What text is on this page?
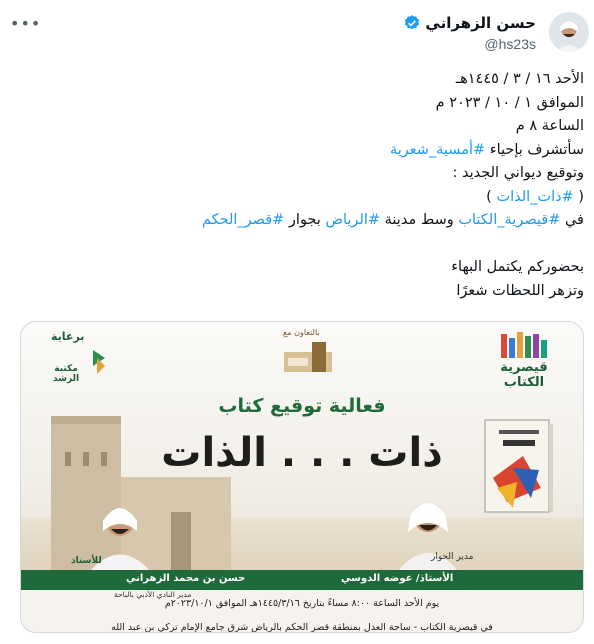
حسن الزهراني
@hs23s
•••
الأحد ١٦ / ٣ / ١٤٤٥هـ
الموافق ١ / ١٠ / ٢٠٢٣ م
الساعة ٨ م
سأتشرف بإحياء #أمسية_شعرية
وتوقيع ديواني الجديد :
( #ذات_الذات )
في #قيصرية_الكتاب وسط مدينة #الرياض بجوار #قصر_الحكم
بحضوركم يكتمل البهاء
وتزهر اللحظات شعرًا
برعاية
مكتبة الرشد
بالتعاون مع
قيصرية الكتاب
فعالية توقيع كتاب
ذات . . . الذات
للأستاذ	مدير الحوار
حسن بن محمد الزهراني	الأستاذ/ عوضه الدوسي
مدير النادي الأدبي بالباحة
يوم الأحد الساعة ٨:٠٠ مساءً بتاريخ ١٤٤٥/٣/١٦هـ الموافق ٢٠٢٣/١٠/١م
في قيصرية الكتاب - ساحة العدل بمنطقة قصر الحكم بالرياض شرق جامع الإمام تركي بن عبد الله
